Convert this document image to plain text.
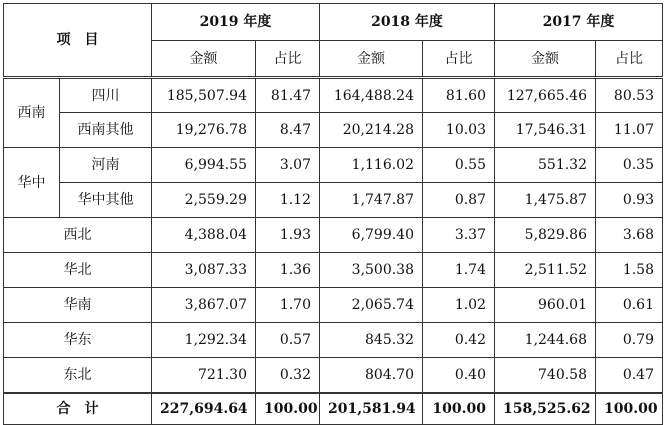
项　目		2019 年度		2018 年度		2017 年度	
		金额	占比	金额	占比	金额	占比
西南	四川	185,507.94	81.47	164,488.24	81.60	127,665.46	80.53
	西南其他	19,276.78	8.47	20,214.28	10.03	17,546.31	11.07
华中	河南	6,994.55	3.07	1,116.02	0.55	551.32	0.35
	华中其他	2,559.29	1.12	1,747.87	0.87	1,475.87	0.93
西北		4,388.04	1.93	6,799.40	3.37	5,829.86	3.68
华北		3,087.33	1.36	3,500.38	1.74	2,511.52	1.58
华南		3,867.07	1.70	2,065.74	1.02	960.01	0.61
华东		1,292.34	0.57	845.32	0.42	1,244.68	0.79
东北		721.30	0.32	804.70	0.40	740.58	0.47
合　计		227,694.64	100.00	201,581.94	100.00	158,525.62	100.00
